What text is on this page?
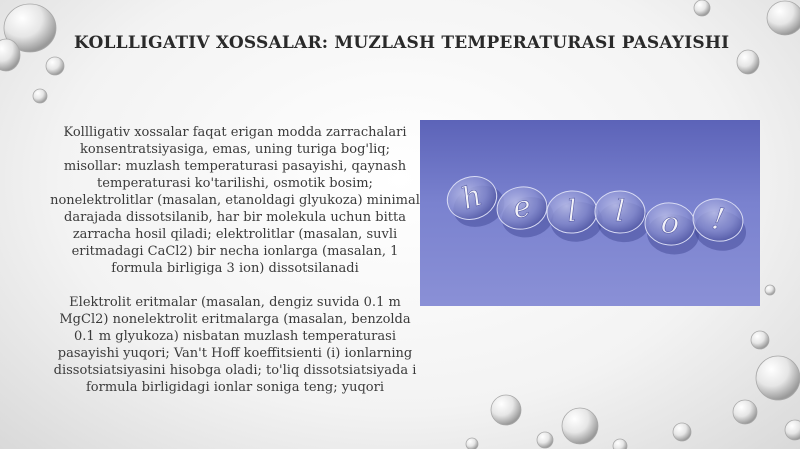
KOLLLIGATIV XOSSALAR: MUZLASH TEMPERATURASI PASAYISHI

Kollligativ xossalar faqat erigan modda zarrachalari konsentratsiyasiga, emas, uning turiga bog'liq; misollar: muzlash temperaturasi pasayishi, qaynash temperaturasi ko'tarilishi, osmotik bosim; nonelektrolitlar (masalan, etanoldagi glyukoza) minimal darajada dissotsilanib, har bir molekula uchun bitta zarracha hosil qiladi; elektrolitlar (masalan, suvli eritmadagi CaCl2) bir necha ionlarga (masalan, 1 formula birligiga 3 ion) dissotsilanadi

Elektrolit eritmalar (masalan, dengiz suvida 0.1 m MgCl2) nonelektrolit eritmalarga (masalan, benzolda 0.1 m glyukoza) nisbatan muzlash temperaturasi pasayishi yuqori; Van't Hoff koeffitsienti (i) ionlarning dissotsiatsiyasini hisobga oladi; to'liq dissotsiatsiyada i formula birligidagi ionlar soniga teng; yuqori

h e l l o !
